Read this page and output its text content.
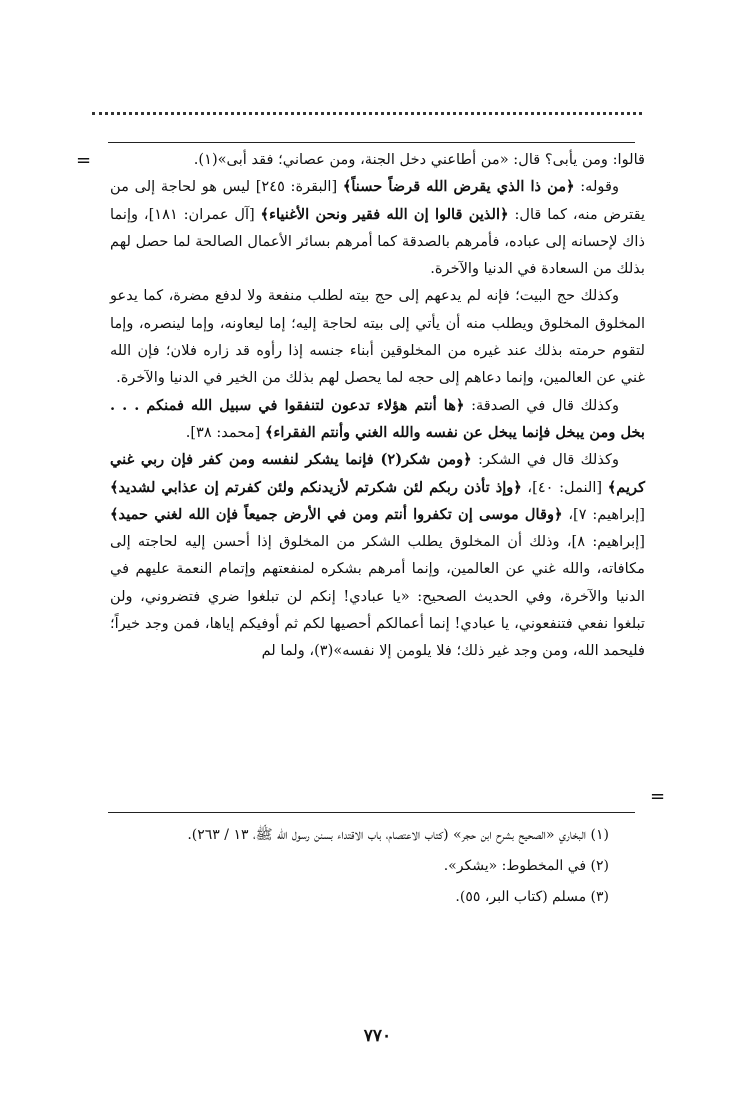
=	قالوا: ومن يأبى؟ قال: «من أطاعني دخل الجنة، ومن عصاني؛ فقد أبى»(١).

وقوله: ﴿من ذا الذي يقرض الله قرضاً حسناً﴾ [البقرة: ٢٤٥] ليس هو لحاجة إلى من يقترض منه، كما قال: ﴿الذين قالوا إن الله فقير ونحن الأغنياء﴾ [آل عمران: ١٨١]، وإنما ذاك لإحسانه إلى عباده، فأمرهم بالصدقة كما أمرهم بسائر الأعمال الصالحة لما حصل لهم بذلك من السعادة في الدنيا والآخرة.

وكذلك حج البيت؛ فإنه لم يدعهم إلى حج بيته لطلب منفعة ولا لدفع مضرة، كما يدعو المخلوق المخلوق ويطلب منه أن يأتي إلى بيته لحاجة إليه؛ إما ليعاونه، وإما لينصره، وإما لتقوم حرمته بذلك عند غيره من المخلوقين أبناء جنسه إذا رأوه قد زاره فلان؛ فإن الله غني عن العالمين، وإنما دعاهم إلى حجه لما يحصل لهم بذلك من الخير في الدنيا والآخرة.

وكذلك قال في الصدقة: ﴿ها أنتم هؤلاء تدعون لتنفقوا في سبيل الله فمنكم . . . بخل ومن يبخل فإنما يبخل عن نفسه والله الغني وأنتم الفقراء﴾ [محمد: ٣٨].

وكذلك قال في الشكر: ﴿ومن شكر(٢) فإنما يشكر لنفسه ومن كفر فإن ربي غني كريم﴾ [النمل: ٤٠]، ﴿وإذ تأذن ربكم لئن شكرتم لأزيدنكم ولئن كفرتم إن عذابي لشديد﴾ [إبراهيم: ٧]، ﴿وقال موسى إن تكفروا أنتم ومن في الأرض جميعاً فإن الله لغني حميد﴾ [إبراهيم: ٨]، وذلك أن المخلوق يطلب الشكر من المخلوق إذا أحسن إليه لحاجته إلى مكافاته، والله غني عن العالمين، وإنما أمرهم بشكره لمنفعتهم وإتمام النعمة عليهم في الدنيا والآخرة، وفي الحديث الصحيح: «يا عبادي! إنكم لن تبلغوا ضري فتضروني، ولن تبلغوا نفعي فتنفعوني، يا عبادي! إنما أعمالكم أحصيها لكم ثم أوفيكم إياها، فمن وجد خيراً؛ فليحمد الله، ومن وجد غير ذلك؛ فلا يلومن إلا نفسه»(٣)، ولما لم

=

(١) البخاري «الصحيح بشرح ابن حجر» (كتاب الاعتصام، باب الاقتداء بسنن رسول الله ﷺ، ١٣ / ٢٦٣).

(٢) في المخطوط: «يشكر».

(٣) مسلم (كتاب البر، ٥٥).

٧٧٠
